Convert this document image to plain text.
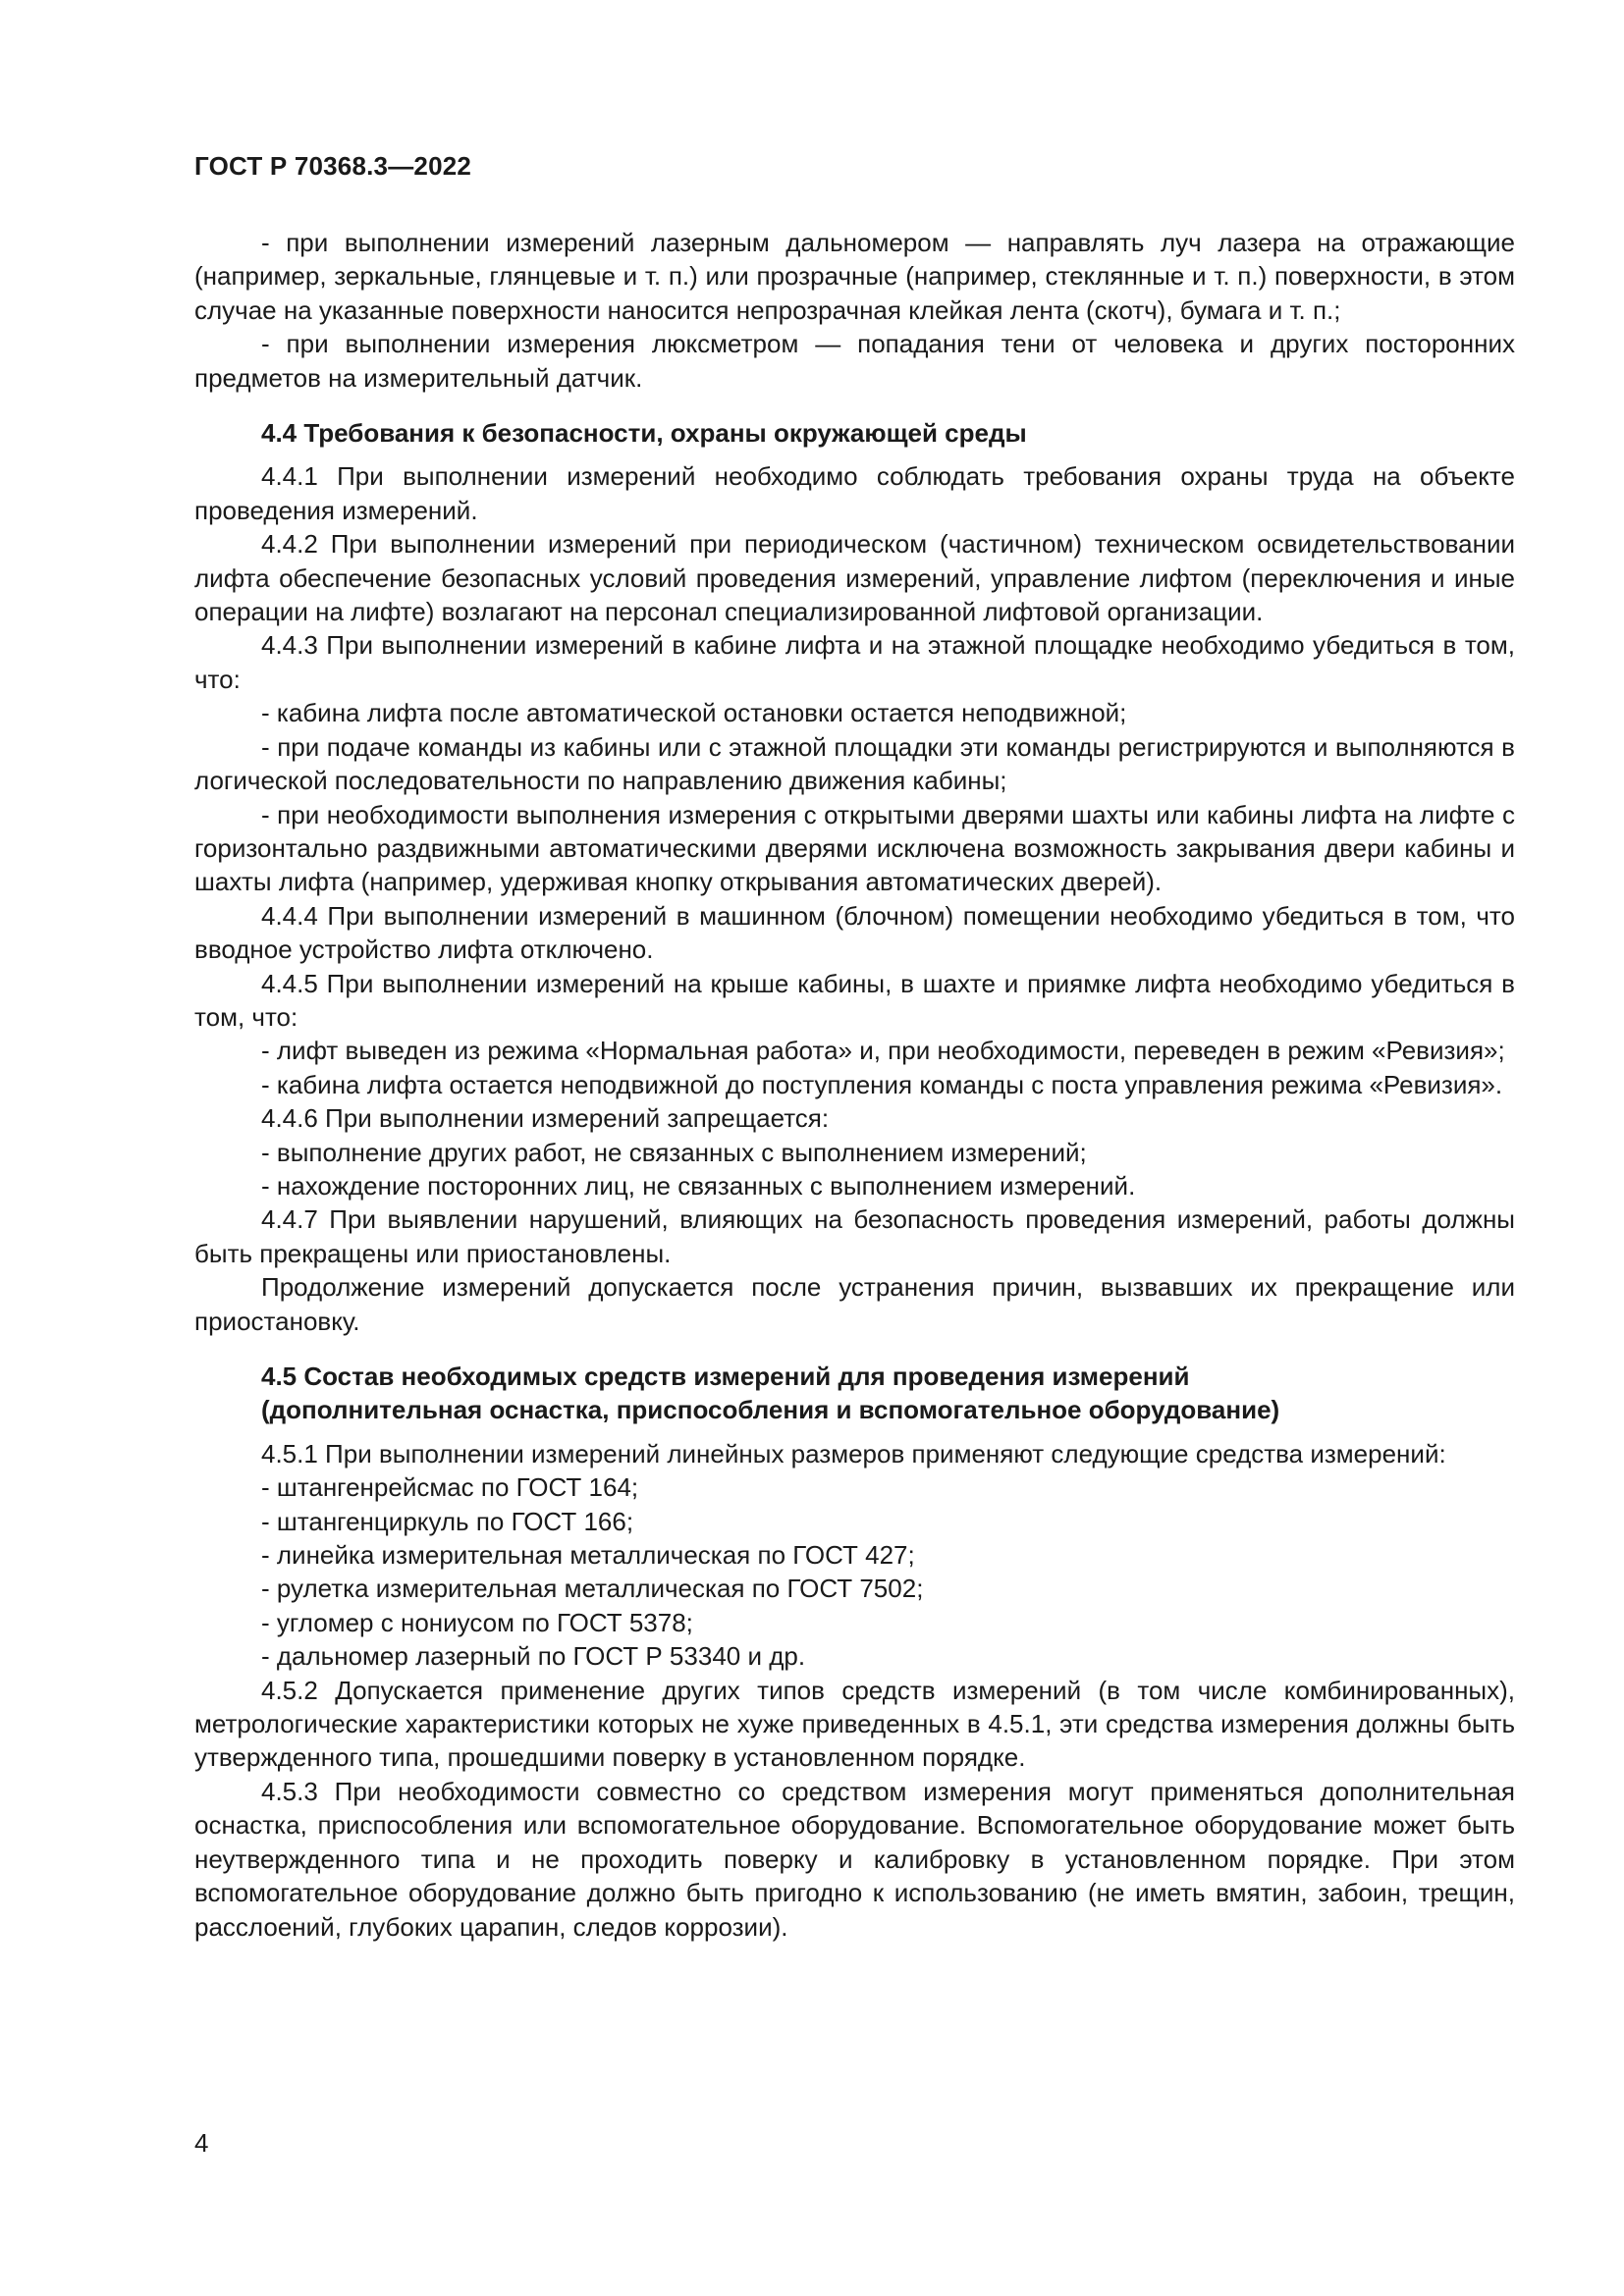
ГОСТ Р 70368.3—2022

- при выполнении измерений лазерным дальномером — направлять луч лазера на отражающие (например, зеркальные, глянцевые и т. п.) или прозрачные (например, стеклянные и т. п.) поверхности, в этом случае на указанные поверхности наносится непрозрачная клейкая лента (скотч), бумага и т. п.;

- при выполнении измерения люксметром — попадания тени от человека и других посторонних предметов на измерительный датчик.

4.4 Требования к безопасности, охраны окружающей среды

4.4.1 При выполнении измерений необходимо соблюдать требования охраны труда на объекте проведения измерений.

4.4.2 При выполнении измерений при периодическом (частичном) техническом освидетельствовании лифта обеспечение безопасных условий проведения измерений, управление лифтом (переключения и иные операции на лифте) возлагают на персонал специализированной лифтовой организации.

4.4.3 При выполнении измерений в кабине лифта и на этажной площадке необходимо убедиться в том, что:

- кабина лифта после автоматической остановки остается неподвижной;

- при подаче команды из кабины или с этажной площадки эти команды регистрируются и выполняются в логической последовательности по направлению движения кабины;

- при необходимости выполнения измерения с открытыми дверями шахты или кабины лифта на лифте с горизонтально раздвижными автоматическими дверями исключена возможность закрывания двери кабины и шахты лифта (например, удерживая кнопку открывания автоматических дверей).

4.4.4 При выполнении измерений в машинном (блочном) помещении необходимо убедиться в том, что вводное устройство лифта отключено.

4.4.5 При выполнении измерений на крыше кабины, в шахте и приямке лифта необходимо убедиться в том, что:

- лифт выведен из режима «Нормальная работа» и, при необходимости, переведен в режим «Ревизия»;

- кабина лифта остается неподвижной до поступления команды с поста управления режима «Ревизия».

4.4.6 При выполнении измерений запрещается:

- выполнение других работ, не связанных с выполнением измерений;

- нахождение посторонних лиц, не связанных с выполнением измерений.

4.4.7 При выявлении нарушений, влияющих на безопасность проведения измерений, работы должны быть прекращены или приостановлены.

Продолжение измерений допускается после устранения причин, вызвавших их прекращение или приостановку.

4.5 Состав необходимых средств измерений для проведения измерений
(дополнительная оснастка, приспособления и вспомогательное оборудование)

4.5.1 При выполнении измерений линейных размеров применяют следующие средства измерений:

- штангенрейсмас по ГОСТ 164;

- штангенциркуль по ГОСТ 166;

- линейка измерительная металлическая по ГОСТ 427;

- рулетка измерительная металлическая по ГОСТ 7502;

- угломер с нониусом по ГОСТ 5378;

- дальномер лазерный по ГОСТ Р 53340 и др.

4.5.2 Допускается применение других типов средств измерений (в том числе комбинированных), метрологические характеристики которых не хуже приведенных в 4.5.1, эти средства измерения должны быть утвержденного типа, прошедшими поверку в установленном порядке.

4.5.3 При необходимости совместно со средством измерения могут применяться дополнительная оснастка, приспособления или вспомогательное оборудование. Вспомогательное оборудование может быть неутвержденного типа и не проходить поверку и калибровку в установленном порядке. При этом вспомогательное оборудование должно быть пригодно к использованию (не иметь вмятин, забоин, трещин, расслоений, глубоких царапин, следов коррозии).

4
